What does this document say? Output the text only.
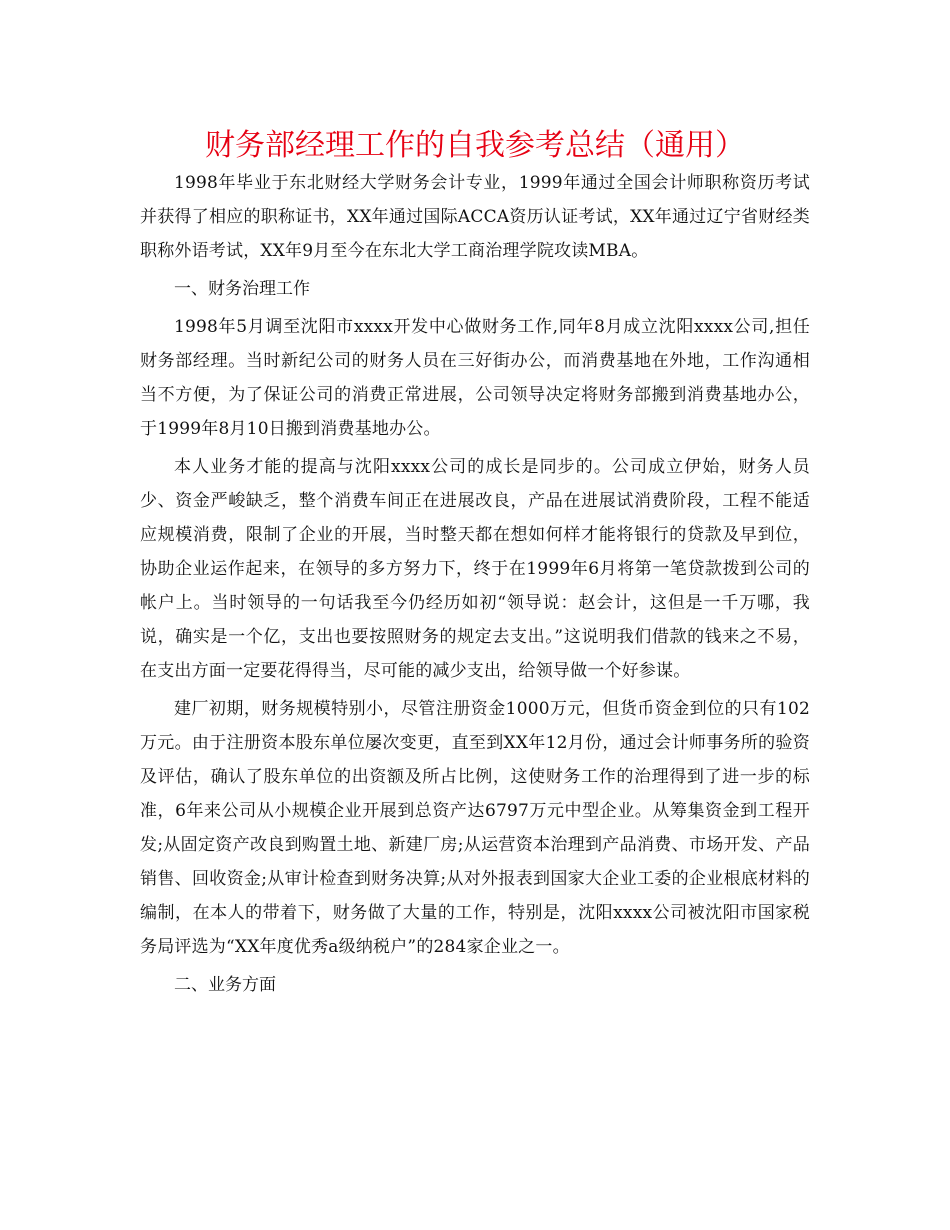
财务部经理工作的自我参考总结（通用）

1998年毕业于东北财经大学财务会计专业，1999年通过全国会计师职称资历考试并获得了相应的职称证书，XX年通过国际ACCA资历认证考试，XX年通过辽宁省财经类职称外语考试，XX年9月至今在东北大学工商治理学院攻读MBA。

一、财务治理工作

1998年5月调至沈阳市xxxx开发中心做财务工作,同年8月成立沈阳xxxx公司,担任财务部经理。当时新纪公司的财务人员在三好街办公，而消费基地在外地，工作沟通相当不方便，为了保证公司的消费正常进展，公司领导决定将财务部搬到消费基地办公，于1999年8月10日搬到消费基地办公。

本人业务才能的提高与沈阳xxxx公司的成长是同步的。公司成立伊始，财务人员少、资金严峻缺乏，整个消费车间正在进展改良，产品在进展试消费阶段，工程不能适应规模消费，限制了企业的开展，当时整天都在想如何样才能将银行的贷款及早到位，协助企业运作起来，在领导的多方努力下，终于在1999年6月将第一笔贷款拨到公司的帐户上。当时领导的一句话我至今仍经历如初“领导说：赵会计，这但是一千万哪，我说，确实是一个亿，支出也要按照财务的规定去支出。”这说明我们借款的钱来之不易，在支出方面一定要花得得当，尽可能的减少支出，给领导做一个好参谋。

建厂初期，财务规模特别小，尽管注册资金1000万元，但货币资金到位的只有102万元。由于注册资本股东单位屡次变更，直至到XX年12月份，通过会计师事务所的验资及评估，确认了股东单位的出资额及所占比例，这使财务工作的治理得到了进一步的标准，6年来公司从小规模企业开展到总资产达6797万元中型企业。从筹集资金到工程开发;从固定资产改良到购置土地、新建厂房;从运营资本治理到产品消费、市场开发、产品销售、回收资金;从审计检查到财务决算;从对外报表到国家大企业工委的企业根底材料的编制，在本人的带着下，财务做了大量的工作，特别是，沈阳xxxx公司被沈阳市国家税务局评选为“XX年度优秀a级纳税户”的284家企业之一。

二、业务方面
